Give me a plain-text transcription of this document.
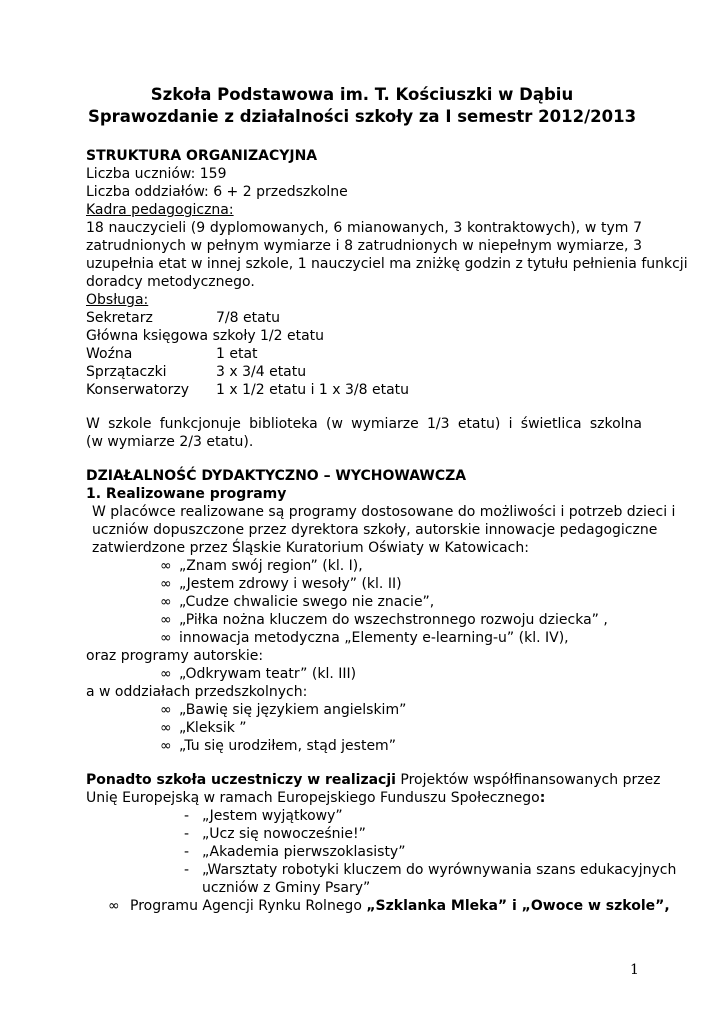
Szkoła Podstawowa im. T. Kościuszki w Dąbiu
Sprawozdanie z działalności szkoły za I semestr 2012/2013
STRUKTURA ORGANIZACYJNA
Liczba uczniów: 159
Liczba oddziałów: 6 + 2 przedszkolne
Kadra pedagogiczna:
18 nauczycieli (9 dyplomowanych, 6 mianowanych, 3 kontraktowych), w tym 7
zatrudnionych w pełnym wymiarze i 8 zatrudnionych w niepełnym wymiarze, 3
uzupełnia etat w innej szkole, 1 nauczyciel ma zniżkę godzin z tytułu pełnienia funkcji
doradcy metodycznego.
Obsługa:
Sekretarz	7/8 etatu
Główna księgowa szkoły 1/2 etatu
Woźna	1 etat
Sprzątaczki	3 x 3/4 etatu
Konserwatorzy 1 x 1/2 etatu i 1 x 3/8 etatu
W szkole funkcjonuje biblioteka (w wymiarze 1/3 etatu) i świetlica szkolna
(w wymiarze 2/3 etatu).
DZIAŁALNOŚĆ DYDAKTYCZNO – WYCHOWAWCZA
1. Realizowane programy
W placówce realizowane są programy dostosowane do możliwości i potrzeb dzieci i
uczniów dopuszczone przez dyrektora szkoły, autorskie innowacje pedagogiczne
zatwierdzone przez Śląskie Kuratorium Oświaty w Katowicach:
∞ „Znam swój region” (kl. I),
∞ „Jestem zdrowy i wesoły” (kl. II)
∞ „Cudze chwalicie swego nie znacie”,
∞ „Piłka nożna kluczem do wszechstronnego rozwoju dziecka” ,
∞ innowacja metodyczna „Elementy e-learning-u” (kl. IV),
oraz programy autorskie:
∞ „Odkrywam teatr” (kl. III)
a w oddziałach przedszkolnych:
∞ „Bawię się językiem angielskim”
∞ „Kleksik ”
∞ „Tu się urodziłem, stąd jestem”
Ponadto szkoła uczestniczy w realizacji Projektów współfinansowanych przez
Unię Europejską w ramach Europejskiego Funduszu Społecznego:
- „Jestem wyjątkowy”
- „Ucz się nowocześnie!”
- „Akademia pierwszoklasisty”
- „Warsztaty robotyki kluczem do wyrównywania szans edukacyjnych
uczniów z Gminy Psary”
∞ Programu Agencji Rynku Rolnego „Szklanka Mleka” i „Owoce w szkole”,
1
